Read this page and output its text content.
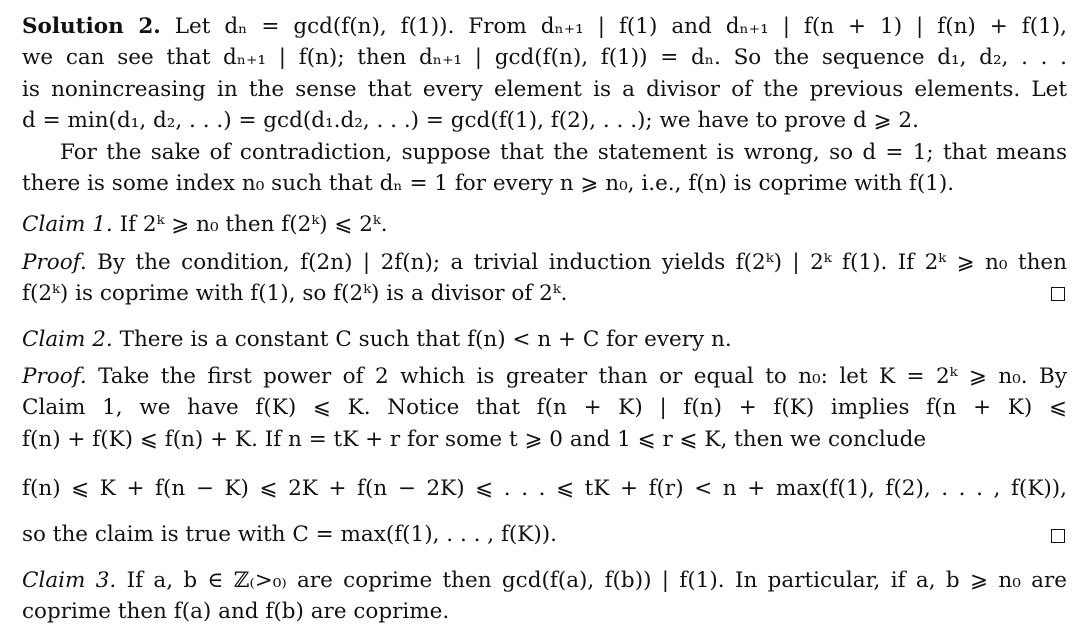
Solution 2. Let dₙ = gcd(f(n), f(1)). From dₙ₊₁ | f(1) and dₙ₊₁ | f(n + 1) | f(n) + f(1),
we can see that dₙ₊₁ | f(n); then dₙ₊₁ | gcd(f(n), f(1)) = dₙ. So the sequence d₁, d₂, . . .
is nonincreasing in the sense that every element is a divisor of the previous elements. Let
d = min(d₁, d₂, . . .) = gcd(d₁.d₂, . . .) = gcd(f(1), f(2), . . .); we have to prove d ⩾ 2.
For the sake of contradiction, suppose that the statement is wrong, so d = 1; that means
there is some index n₀ such that dₙ = 1 for every n ⩾ n₀, i.e., f(n) is coprime with f(1).
Claim 1. If 2ᵏ ⩾ n₀ then f(2ᵏ) ⩽ 2ᵏ.
Proof. By the condition, f(2n) | 2f(n); a trivial induction yields f(2ᵏ) | 2ᵏ f(1). If 2ᵏ ⩾ n₀ then
f(2ᵏ) is coprime with f(1), so f(2ᵏ) is a divisor of 2ᵏ.
Claim 2. There is a constant C such that f(n) < n + C for every n.
Proof. Take the first power of 2 which is greater than or equal to n₀: let K = 2ᵏ ⩾ n₀. By
Claim 1, we have f(K) ⩽ K. Notice that f(n + K) | f(n) + f(K) implies f(n + K) ⩽
f(n) + f(K) ⩽ f(n) + K. If n = tK + r for some t ⩾ 0 and 1 ⩽ r ⩽ K, then we conclude
f(n) ⩽ K + f(n − K) ⩽ 2K + f(n − 2K) ⩽ . . . ⩽ tK + f(r) < n + max(f(1), f(2), . . . , f(K)),
so the claim is true with C = max(f(1), . . . , f(K)).
Claim 3. If a, b ∈ ℤ₍>₀₎ are coprime then gcd(f(a), f(b)) | f(1). In particular, if a, b ⩾ n₀ are
coprime then f(a) and f(b) are coprime.
